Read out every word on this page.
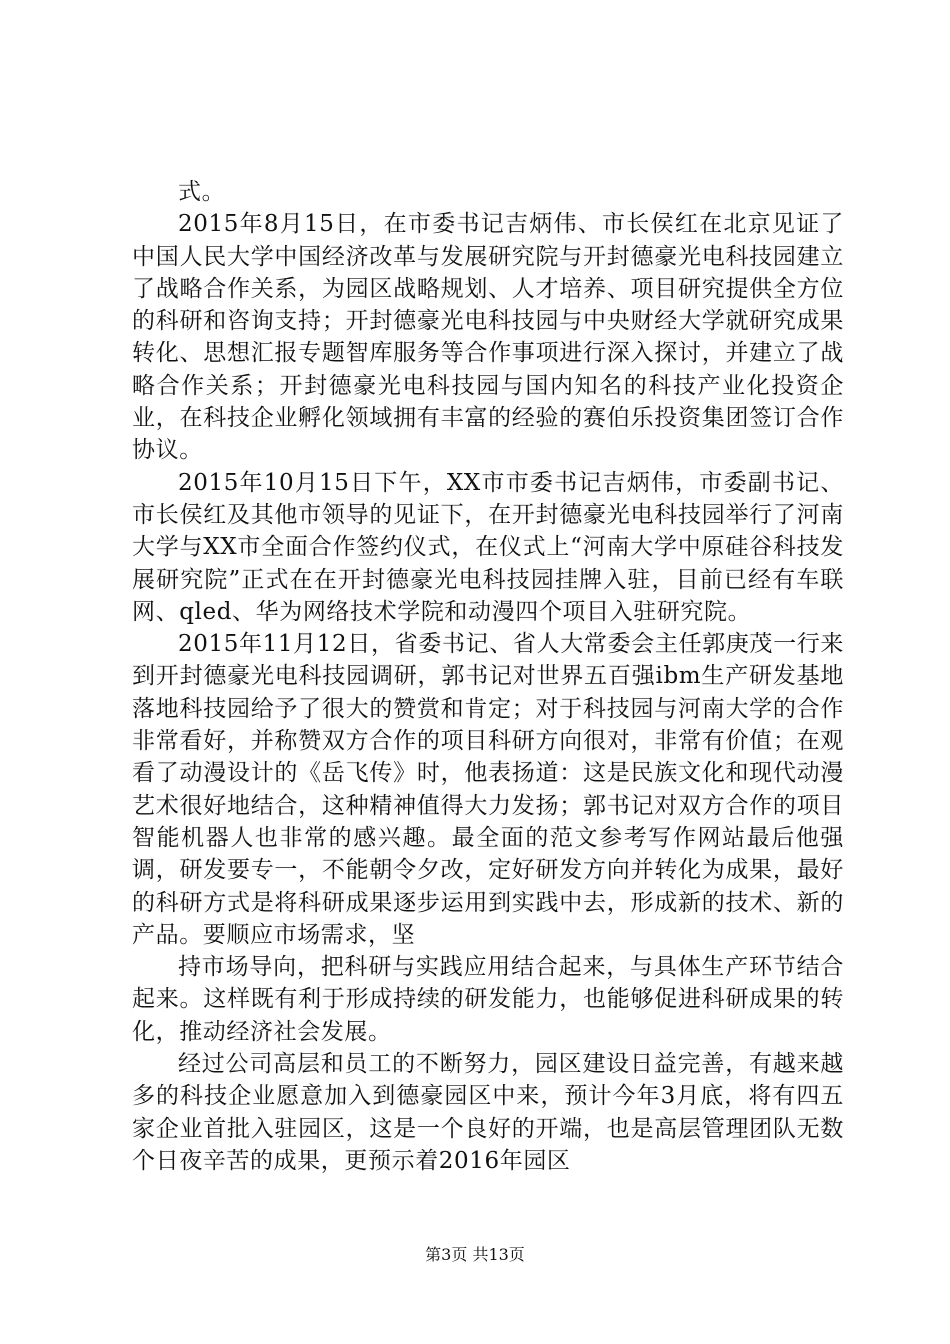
式。

2015年8月15日，在市委书记吉炳伟、市长侯红在北京见证了中国人民大学中国经济改革与发展研究院与开封德豪光电科技园建立了战略合作关系，为园区战略规划、人才培养、项目研究提供全方位的科研和咨询支持；开封德豪光电科技园与中央财经大学就研究成果转化、思想汇报专题智库服务等合作事项进行深入探讨，并建立了战略合作关系；开封德豪光电科技园与国内知名的科技产业化投资企业，在科技企业孵化领域拥有丰富的经验的赛伯乐投资集团签订合作协议。

2015年10月15日下午，XX市市委书记吉炳伟，市委副书记、市长侯红及其他市领导的见证下，在开封德豪光电科技园举行了河南大学与XX市全面合作签约仪式，在仪式上“河南大学中原硅谷科技发展研究院”正式在在开封德豪光电科技园挂牌入驻，目前已经有车联网、qled、华为网络技术学院和动漫四个项目入驻研究院。

2015年11月12日，省委书记、省人大常委会主任郭庚茂一行来到开封德豪光电科技园调研，郭书记对世界五百强ibm生产研发基地落地科技园给予了很大的赞赏和肯定；对于科技园与河南大学的合作非常看好，并称赞双方合作的项目科研方向很对，非常有价值；在观看了动漫设计的《岳飞传》时，他表扬道：这是民族文化和现代动漫艺术很好地结合，这种精神值得大力发扬；郭书记对双方合作的项目智能机器人也非常的感兴趣。最全面的范文参考写作网站最后他强调，研发要专一，不能朝令夕改，定好研发方向并转化为成果，最好的科研方式是将科研成果逐步运用到实践中去，形成新的技术、新的产品。要顺应市场需求，坚

持市场导向，把科研与实践应用结合起来，与具体生产环节结合起来。这样既有利于形成持续的研发能力，也能够促进科研成果的转化，推动经济社会发展。

经过公司高层和员工的不断努力，园区建设日益完善，有越来越多的科技企业愿意加入到德豪园区中来，预计今年3月底，将有四五家企业首批入驻园区，这是一个良好的开端，也是高层管理团队无数个日夜辛苦的成果，更预示着2016年园区

第3页 共13页
